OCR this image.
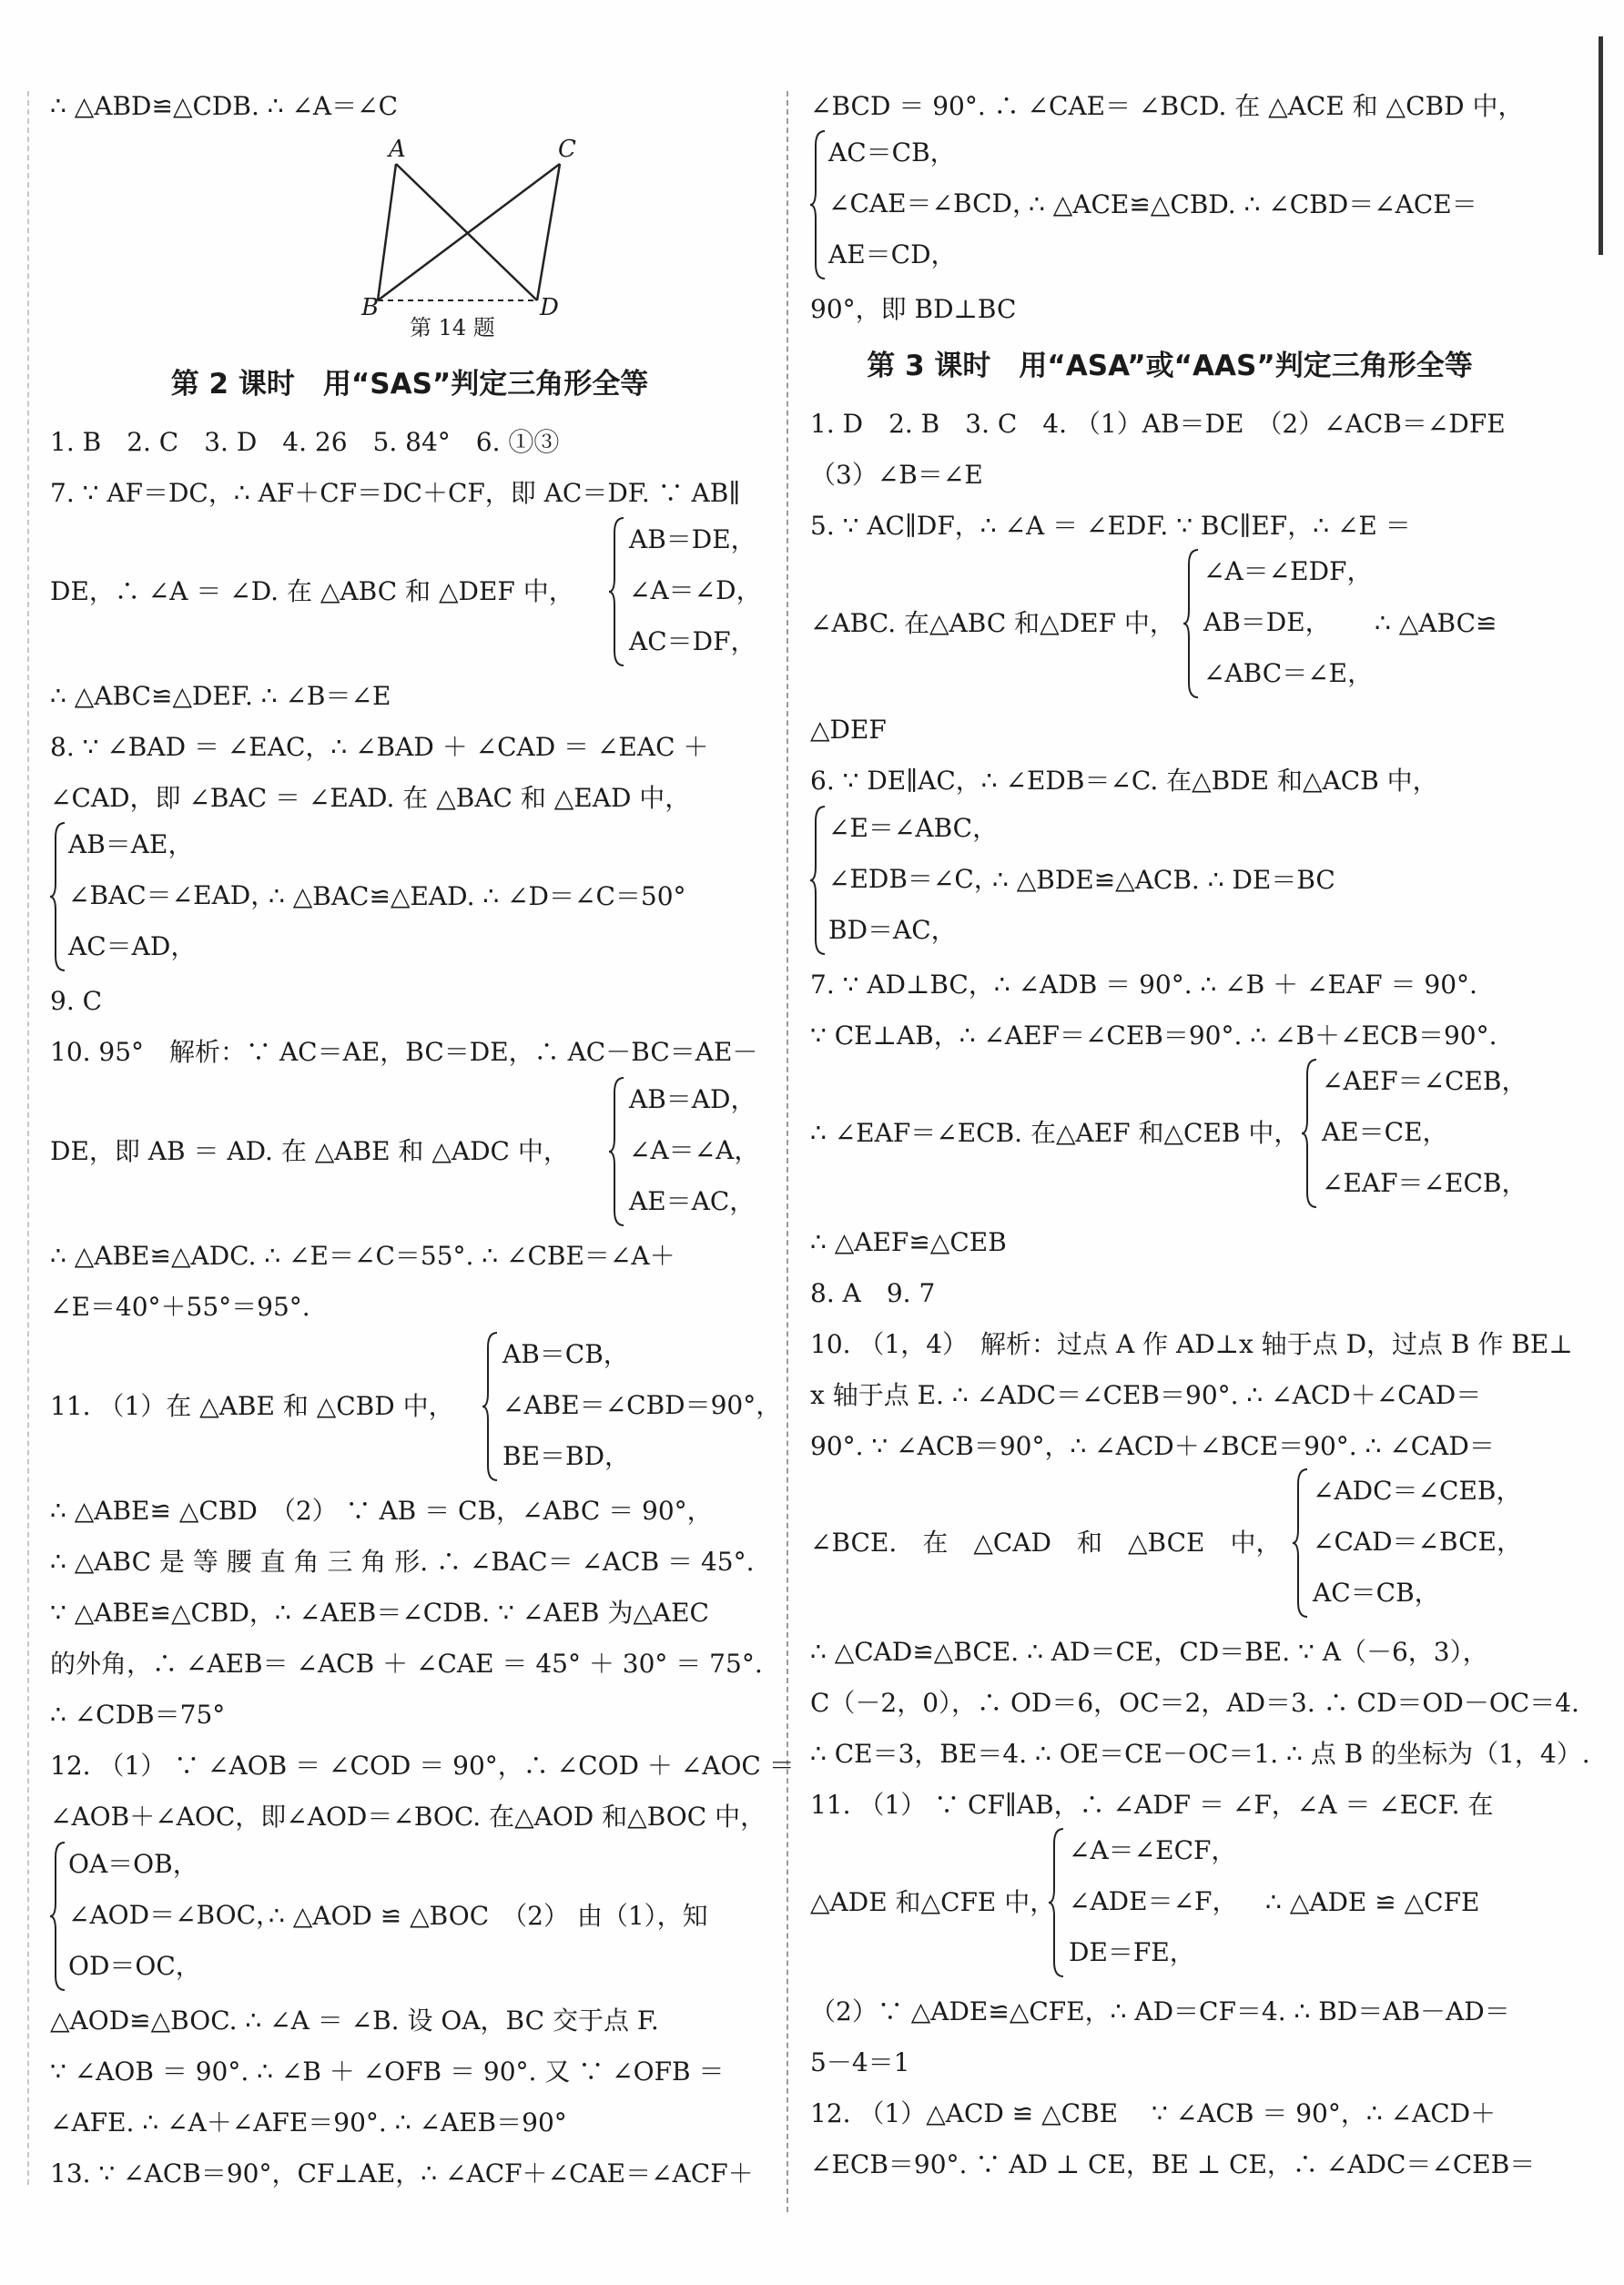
∴ △ABD≌△CDB. ∴ ∠A＝∠C
A	C
B	D
第 14 题
第 2 课时　用“SAS”判定三角形全等
1. B　2. C　3. D　4. 26　5. 84°　6. ①③
7. ∵ AF＝DC，∴ AF＋CF＝DC＋CF，即 AC＝DF. ∵ AB∥
DE，∴ ∠A ＝ ∠D. 在 △ABC 和 △DEF 中，
AB＝DE，
∠A＝∠D，
AC＝DF，
∴ △ABC≌△DEF. ∴ ∠B＝∠E
8. ∵ ∠BAD ＝ ∠EAC，∴ ∠BAD ＋ ∠CAD ＝ ∠EAC ＋
∠CAD，即 ∠BAC ＝ ∠EAD. 在 △BAC 和 △EAD 中，
AB＝AE，
∠BAC＝∠EAD，
AC＝AD，
∴ △BAC≌△EAD. ∴ ∠D＝∠C＝50°
9. C
10. 95°　解析：∵ AC＝AE，BC＝DE，∴ AC－BC＝AE－
DE，即 AB ＝ AD. 在 △ABE 和 △ADC 中，
AB＝AD，
∠A＝∠A，
AE＝AC，
∴ △ABE≌△ADC. ∴ ∠E＝∠C＝55°. ∴ ∠CBE＝∠A＋
∠E＝40°＋55°＝95°.
11. （1）在 △ABE 和 △CBD 中，
AB＝CB，
∠ABE＝∠CBD＝90°，
BE＝BD，
∴ △ABE≌ △CBD　（2） ∵ AB ＝ CB，∠ABC ＝ 90°，
∴ △ABC 是 等 腰 直 角 三 角 形. ∴ ∠BAC＝ ∠ACB ＝ 45°.
∵ △ABE≌△CBD，∴ ∠AEB＝∠CDB. ∵ ∠AEB 为△AEC
的外角，∴ ∠AEB＝ ∠ACB ＋ ∠CAE ＝ 45° ＋ 30° ＝ 75°.
∴ ∠CDB＝75°
12. （1） ∵ ∠AOB ＝ ∠COD ＝ 90°，∴ ∠COD ＋ ∠AOC ＝
∠AOB＋∠AOC，即∠AOD＝∠BOC. 在△AOD 和△BOC 中，
OA＝OB，
∠AOD＝∠BOC，
OD＝OC，
∴ △AOD ≌ △BOC　（2） 由（1），知
△AOD≌△BOC. ∴ ∠A ＝ ∠B. 设 OA，BC 交于点 F.
∵ ∠AOB ＝ 90°. ∴ ∠B ＋ ∠OFB ＝ 90°. 又 ∵ ∠OFB ＝
∠AFE. ∴ ∠A＋∠AFE＝90°. ∴ ∠AEB＝90°
13. ∵ ∠ACB＝90°，CF⊥AE，∴ ∠ACF＋∠CAE＝∠ACF＋
∠BCD ＝ 90°. ∴ ∠CAE＝ ∠BCD. 在 △ACE 和 △CBD 中，
AC＝CB，
∠CAE＝∠BCD，
AE＝CD，
∴ △ACE≌△CBD. ∴ ∠CBD＝∠ACE＝
90°，即 BD⊥BC
第 3 课时　用“ASA”或“AAS”判定三角形全等
1. D　2. B　3. C　4. （1）AB＝DE　（2）∠ACB＝∠DFE
（3）∠B＝∠E
5. ∵ AC∥DF，∴ ∠A ＝ ∠EDF. ∵ BC∥EF，∴ ∠E ＝
∠ABC. 在△ABC 和△DEF 中，
∠A＝∠EDF，
AB＝DE，
∠ABC＝∠E，
∴ △ABC≌
△DEF
6. ∵ DE∥AC，∴ ∠EDB＝∠C. 在△BDE 和△ACB 中，
∠E＝∠ABC，
∠EDB＝∠C，
BD＝AC，
∴ △BDE≌△ACB. ∴ DE＝BC
7. ∵ AD⊥BC，∴ ∠ADB ＝ 90°. ∴ ∠B ＋ ∠EAF ＝ 90°.
∵ CE⊥AB，∴ ∠AEF＝∠CEB＝90°. ∴ ∠B＋∠ECB＝90°.
∴ ∠EAF＝∠ECB. 在△AEF 和△CEB 中，
∠AEF＝∠CEB，
AE＝CE，
∠EAF＝∠ECB，
∴ △AEF≌△CEB
8. A　9. 7
10. （1，4）　解析：过点 A 作 AD⊥x 轴于点 D，过点 B 作 BE⊥
x 轴于点 E. ∴ ∠ADC＝∠CEB＝90°. ∴ ∠ACD＋∠CAD＝
90°. ∵ ∠ACB＝90°，∴ ∠ACD＋∠BCE＝90°. ∴ ∠CAD＝
∠BCE.　在　△CAD　和　△BCE　中，
∠ADC＝∠CEB，
∠CAD＝∠BCE，
AC＝CB，
∴ △CAD≌△BCE. ∴ AD＝CE，CD＝BE. ∵ A（－6，3），
C（－2，0），∴ OD＝6，OC＝2，AD＝3. ∴ CD＝OD－OC＝4.
∴ CE＝3，BE＝4. ∴ OE＝CE－OC＝1. ∴ 点 B 的坐标为（1，4）.
11. （1） ∵ CF∥AB，∴ ∠ADF ＝ ∠F，∠A ＝ ∠ECF. 在
△ADE 和△CFE 中，
∠A＝∠ECF，
∠ADE＝∠F，
DE＝FE，
∴ △ADE ≌ △CFE
（2）∵ △ADE≌△CFE，∴ AD＝CF＝4. ∴ BD＝AB－AD＝
5－4＝1
12. （1）△ACD ≌ △CBE　 ∵ ∠ACB ＝ 90°，∴ ∠ACD＋
∠ECB＝90°. ∵ AD ⊥ CE，BE ⊥ CE，∴ ∠ADC＝∠CEB＝
